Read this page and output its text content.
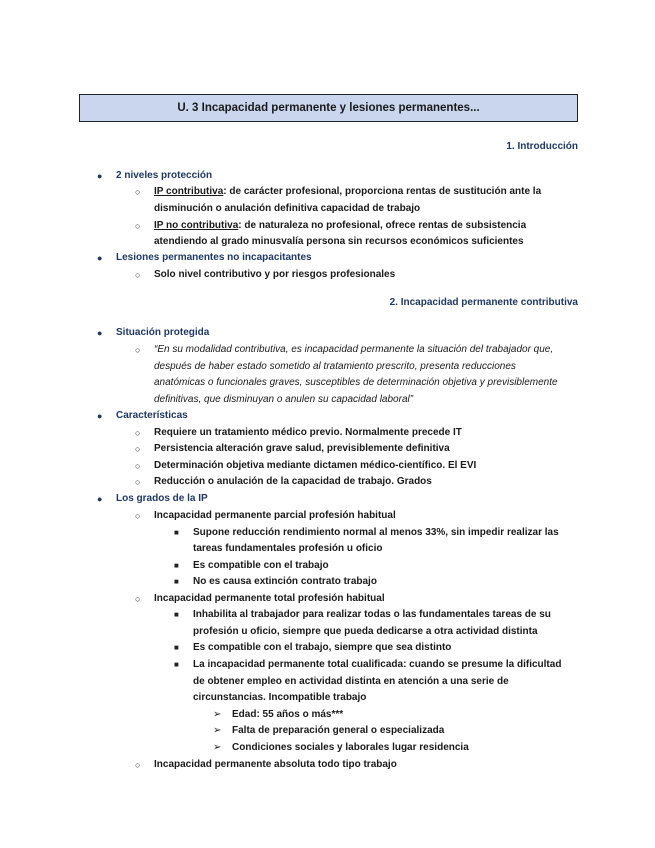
U. 3 Incapacidad permanente y lesiones permanentes...
1. Introducción
● 2 niveles protección
○ IP contributiva: de carácter profesional, proporciona rentas de sustitución ante la
disminución o anulación definitiva capacidad de trabajo
○ IP no contributiva: de naturaleza no profesional, ofrece rentas de subsistencia
atendiendo al grado minusvalía persona sin recursos económicos suficientes
● Lesiones permanentes no incapacitantes
○ Solo nivel contributivo y por riesgos profesionales
2. Incapacidad permanente contributiva
● Situación protegida
○ “En su modalidad contributiva, es incapacidad permanente la situación del trabajador que,
después de haber estado sometido al tratamiento prescrito, presenta reducciones
anatómicas o funcionales graves, susceptibles de determinación objetiva y previsiblemente
definitivas, que disminuyan o anulen su capacidad laboral”
● Características
○ Requiere un tratamiento médico previo. Normalmente precede IT
○ Persistencia alteración grave salud, previsiblemente definitiva
○ Determinación objetiva mediante dictamen médico-científico. El EVI
○ Reducción o anulación de la capacidad de trabajo. Grados
● Los grados de la IP
○ Incapacidad permanente parcial profesión habitual
■ Supone reducción rendimiento normal al menos 33%, sin impedir realizar las
tareas fundamentales profesión u oficio
■ Es compatible con el trabajo
■ No es causa extinción contrato trabajo
○ Incapacidad permanente total profesión habitual
■ Inhabilita al trabajador para realizar todas o las fundamentales tareas de su
profesión u oficio, siempre que pueda dedicarse a otra actividad distinta
■ Es compatible con el trabajo, siempre que sea distinto
■ La incapacidad permanente total cualificada: cuando se presume la dificultad
de obtener empleo en actividad distinta en atención a una serie de
circunstancias. Incompatible trabajo
➢ Edad: 55 años o más***
➢ Falta de preparación general o especializada
➢ Condiciones sociales y laborales lugar residencia
○ Incapacidad permanente absoluta todo tipo trabajo
